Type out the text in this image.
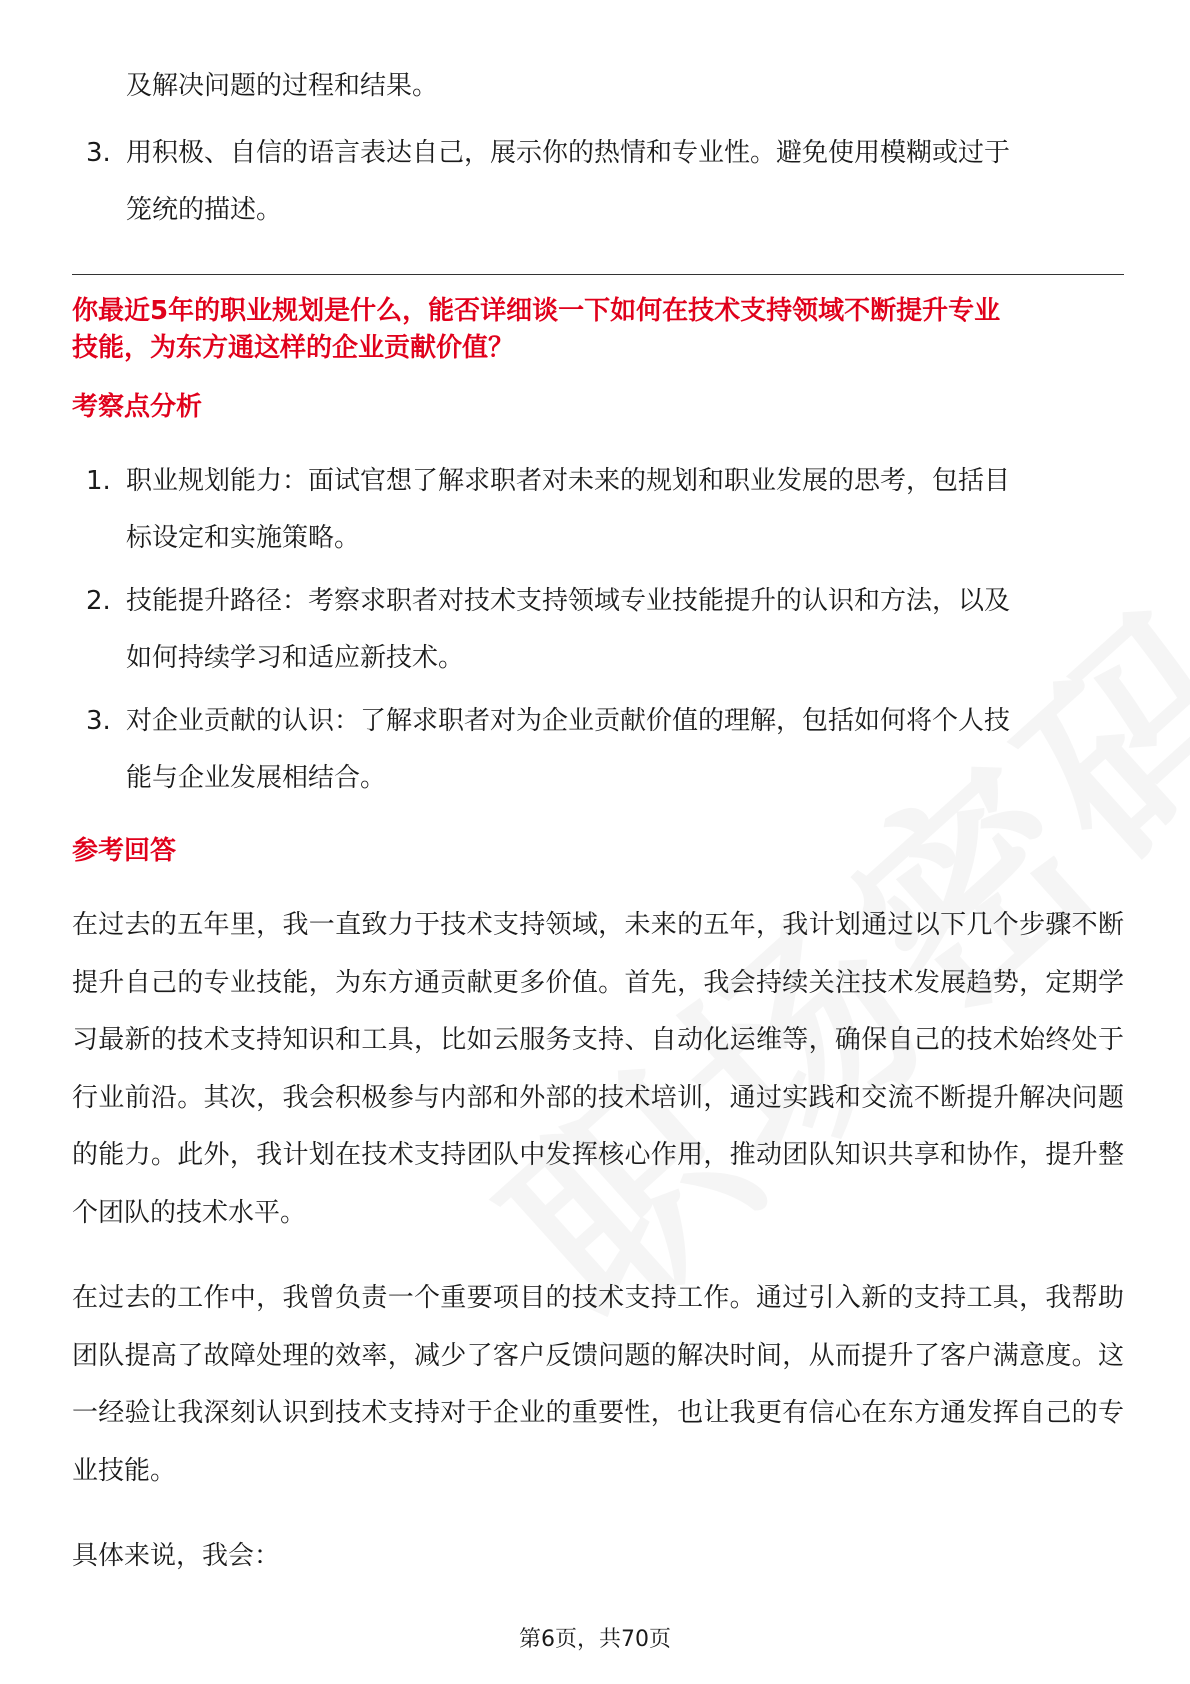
及解决问题的过程和结果。

3. 用积极、自信的语言表达自己，展示你的热情和专业性。避免使用模糊或过于
笼统的描述。

你最近5年的职业规划是什么，能否详细谈一下如何在技术支持领域不断提升专业

技能，为东方通这样的企业贡献价值？

考察点分析
1. 职业规划能力：面试官想了解求职者对未来的规划和职业发展的思考，包括目
标设定和实施策略。
2. 技能提升路径：考察求职者对技术支持领域专业技能提升的认识和方法，以及
如何持续学习和适应新技术。
3. 对企业贡献的认识：了解求职者对为企业贡献价值的理解，包括如何将个人技
能与企业发展相结合。
参考回答

在过去的五年里，我一直致力于技术支持领域，未来的五年，我计划通过以下几个步骤不断提升自己的专业技能，为东方通贡献更多价值。首先，我会持续关注技术发展趋势，定期学习最新的技术支持知识和工具，比如云服务支持、自动化运维等，确保自己的技术始终处于行业前沿。其次，我会积极参与内部和外部的技术培训，通过实践和交流不断提升解决问题的能力。此外，我计划在技术支持团队中发挥核心作用，推动团队知识共享和协作，提升整个团队的技术水平。

在过去的工作中，我曾负责一个重要项目的技术支持工作。通过引入新的支持工具，我帮助团队提高了故障处理的效率，减少了客户反馈问题的解决时间，从而提升了客户满意度。这一经验让我深刻认识到技术支持对于企业的重要性，也让我更有信心在东方通发挥自己的专业技能。

具体来说，我会：

第6页，共70页
